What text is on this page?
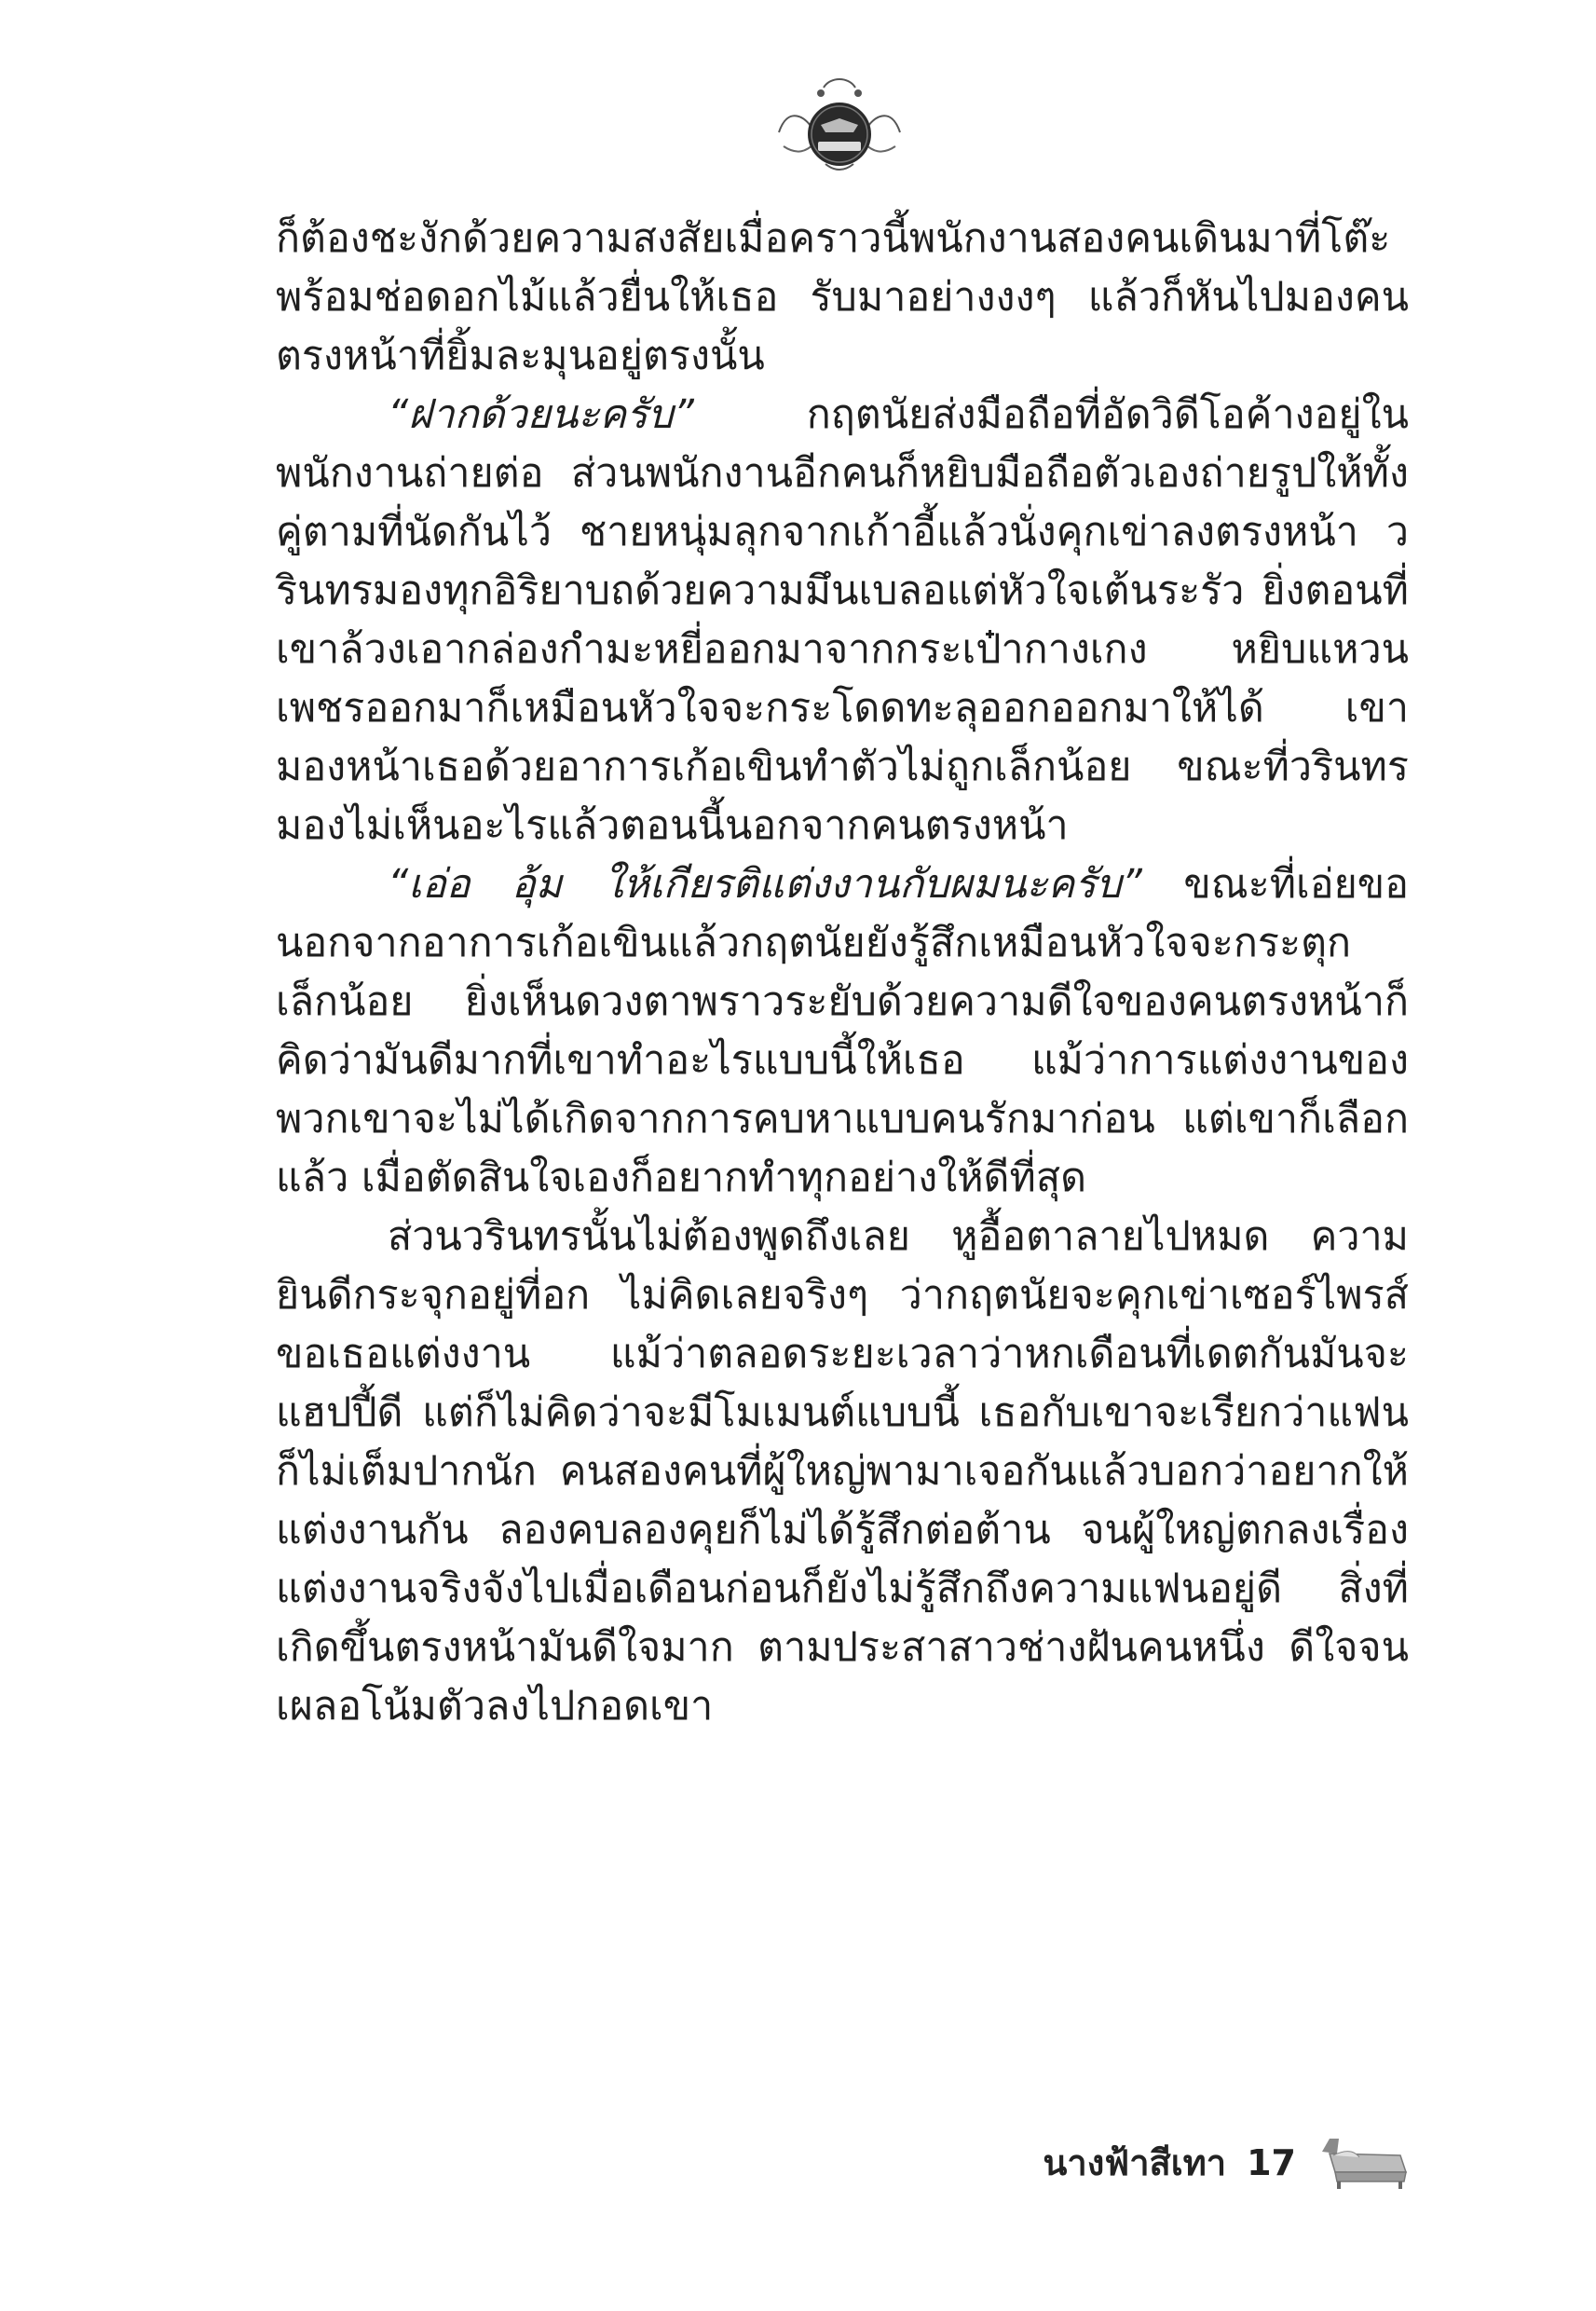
ก็ต้องชะงักด้วยความสงสัยเมื่อคราวนี้พนักงานสองคนเดินมาที่โต๊ะพร้อมช่อดอกไม้แล้วยื่นให้เธอ รับมาอย่างงงๆ แล้วก็หันไปมองคนตรงหน้าที่ยิ้มละมุนอยู่ตรงนั้น

“ฝากด้วยนะครับ” กฤตนัยส่งมือถือที่อัดวิดีโอค้างอยู่ในพนักงานถ่ายต่อ ส่วนพนักงานอีกคนก็หยิบมือถือตัวเองถ่ายรูปให้ทั้งคู่ตามที่นัดกันไว้ ชายหนุ่มลุกจากเก้าอี้แล้วนั่งคุกเข่าลงตรงหน้า วรินทรมองทุกอิริยาบถด้วยความมึนเบลอแต่หัวใจเต้นระรัว ยิ่งตอนที่เขาล้วงเอากล่องกำมะหยี่ออกมาจากกระเป๋ากางเกง หยิบแหวนเพชรออกมาก็เหมือนหัวใจจะกระโดดทะลุออกออกมาให้ได้ เขามองหน้าเธอด้วยอาการเก้อเขินทำตัวไม่ถูกเล็กน้อย ขณะที่วรินทรมองไม่เห็นอะไรแล้วตอนนี้นอกจากคนตรงหน้า

“เอ่อ อุ้ม ให้เกียรติแต่งงานกับผมนะครับ” ขณะที่เอ่ยขอ นอกจากอาการเก้อเขินแล้วกฤตนัยยังรู้สึกเหมือนหัวใจจะกระตุกเล็กน้อย ยิ่งเห็นดวงตาพราวระยับด้วยความดีใจของคนตรงหน้าก็คิดว่ามันดีมากที่เขาทำอะไรแบบนี้ให้เธอ แม้ว่าการแต่งงานของพวกเขาจะไม่ได้เกิดจากการคบหาแบบคนรักมาก่อน แต่เขาก็เลือกแล้ว เมื่อตัดสินใจเองก็อยากทำทุกอย่างให้ดีที่สุด

ส่วนวรินทรนั้นไม่ต้องพูดถึงเลย หูอื้อตาลายไปหมด ความยินดีกระจุกอยู่ที่อก ไม่คิดเลยจริงๆ ว่ากฤตนัยจะคุกเข่าเซอร์ไพรส์ขอเธอแต่งงาน แม้ว่าตลอดระยะเวลาว่าหกเดือนที่เดตกันมันจะแฮปปี้ดี แต่ก็ไม่คิดว่าจะมีโมเมนต์แบบนี้ เธอกับเขาจะเรียกว่าแฟนก็ไม่เต็มปากนัก คนสองคนที่ผู้ใหญ่พามาเจอกันแล้วบอกว่าอยากให้แต่งงานกัน ลองคบลองคุยก็ไม่ได้รู้สึกต่อต้าน จนผู้ใหญ่ตกลงเรื่องแต่งงานจริงจังไปเมื่อเดือนก่อนก็ยังไม่รู้สึกถึงความแฟนอยู่ดี สิ่งที่เกิดขึ้นตรงหน้ามันดีใจมาก ตามประสาสาวช่างฝันคนหนึ่ง ดีใจจนเผลอโน้มตัวลงไปกอดเขา

นางฟ้าสีเทา 17
